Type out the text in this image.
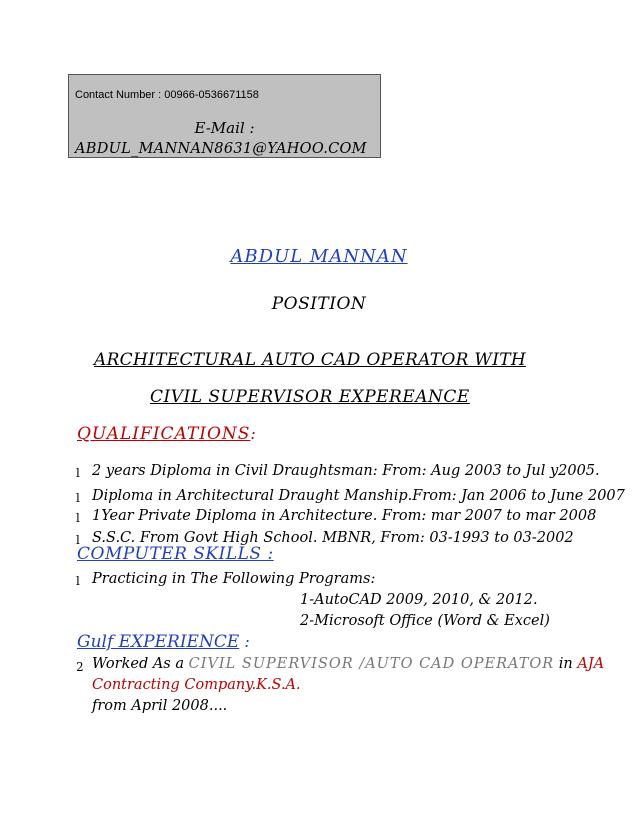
Contact Number : 00966-0536671158
E-Mail :
ABDUL_MANNAN8631@YAHOO.COM
ABDUL MANNAN
POSITION
ARCHITECTURAL AUTO CAD OPERATOR WITH
CIVIL SUPERVISOR EXPEREANCE
QUALIFICATIONS:
l 2 years Diploma in Civil Draughtsman: From: Aug 2003 to Jul y2005.
l Diploma in Architectural Draught Manship.From: Jan 2006 to June 2007
l 1Year Private Diploma in Architecture. From: mar 2007 to mar 2008
l S.S.C. From Govt High School. MBNR, From: 03-1993 to 03-2002
COMPUTER SKILLS :
l Practicing in The Following Programs:
1-AutoCAD 2009, 2010, & 2012.
2-Microsoft Office (Word & Excel)
Gulf EXPERIENCE :
2 Worked As a CIVIL SUPERVISOR /AUTO CAD OPERATOR in AJA
Contracting Company.K.S.A.
from April 2008....
